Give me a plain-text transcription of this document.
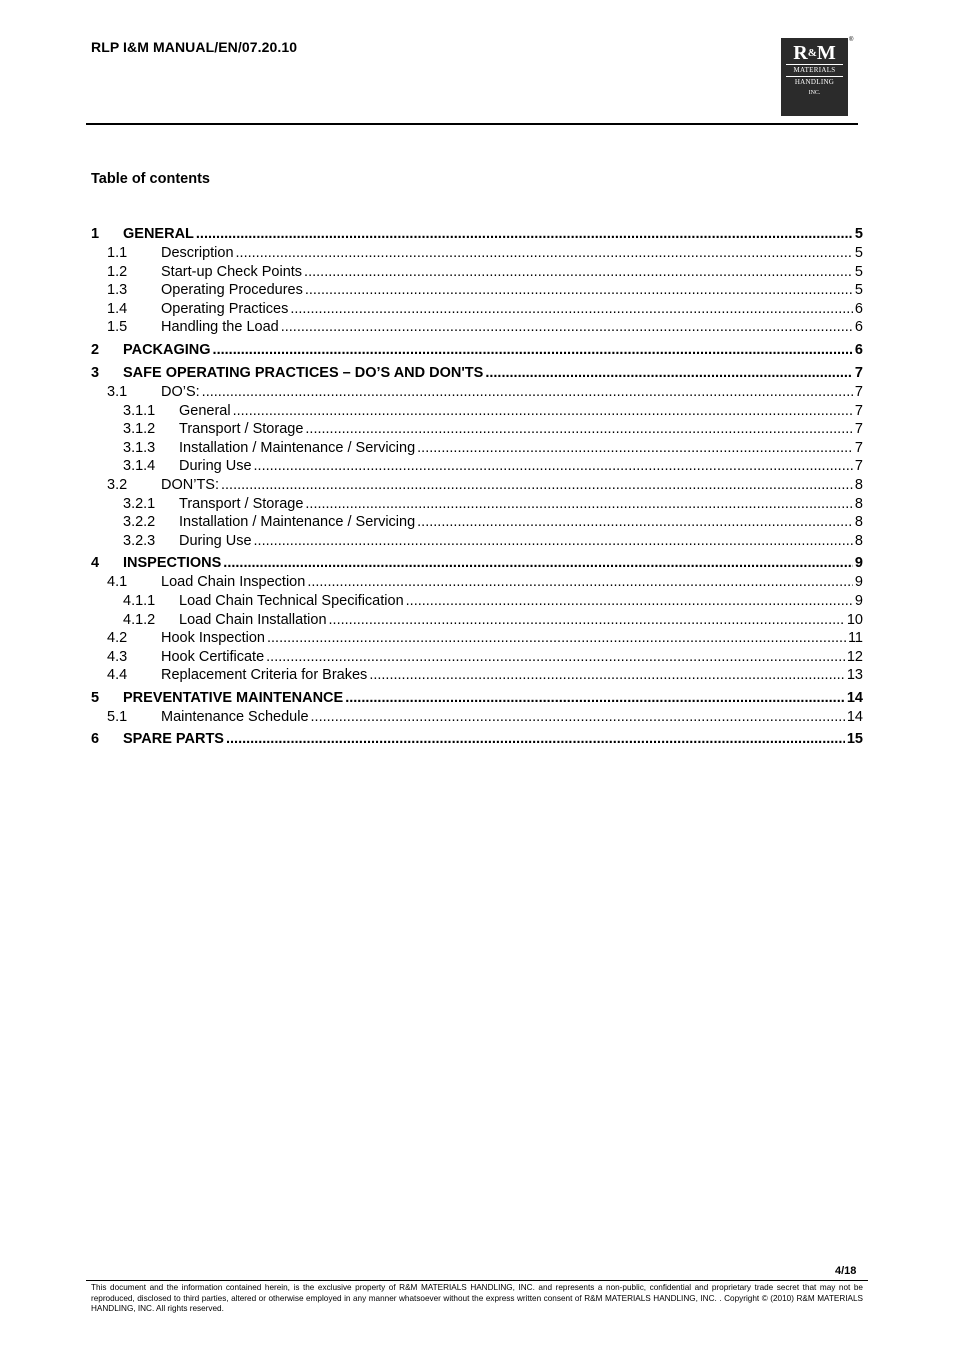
RLP I&M MANUAL/EN/07.20.10	R&M
MATERIALS
HANDLING
INC.
®
Table of contents
1	GENERAL .....	5
1.1	Description .....	5
1.2	Start-up Check Points .....	5
1.3	Operating Procedures .....	5
1.4	Operating Practices .....	6
1.5	Handling the Load .....	6
2	PACKAGING .....	6
3	SAFE OPERATING PRACTICES – DO’S AND DON'TS .....	7
3.1	DO’S: .....	7
3.1.1	General .....	7
3.1.2	Transport / Storage .....	7
3.1.3	Installation / Maintenance / Servicing .....	7
3.1.4	During Use .....	7
3.2	DON’TS: .....	8
3.2.1	Transport / Storage .....	8
3.2.2	Installation / Maintenance / Servicing .....	8
3.2.3	During Use .....	8
4	INSPECTIONS .....	9
4.1	Load Chain Inspection .....	9
4.1.1	Load Chain Technical Specification .....	9
4.1.2	Load Chain Installation .....	10
4.2	Hook Inspection .....	11
4.3	Hook Certificate .....	12
4.4	Replacement Criteria for Brakes .....	13
5	PREVENTATIVE MAINTENANCE .....	14
5.1	Maintenance Schedule .....	14
6	SPARE PARTS .....	15
4/18
This document and the information contained herein, is the exclusive property of R&M MATERIALS HANDLING, INC. and represents a non-public, confidential and proprietary trade secret that may not be reproduced, disclosed to third parties, altered or otherwise employed in any manner whatsoever without the express written consent of R&M MATERIALS HANDLING, INC. . Copyright © (2010) R&M MATERIALS HANDLING, INC. All rights reserved.
